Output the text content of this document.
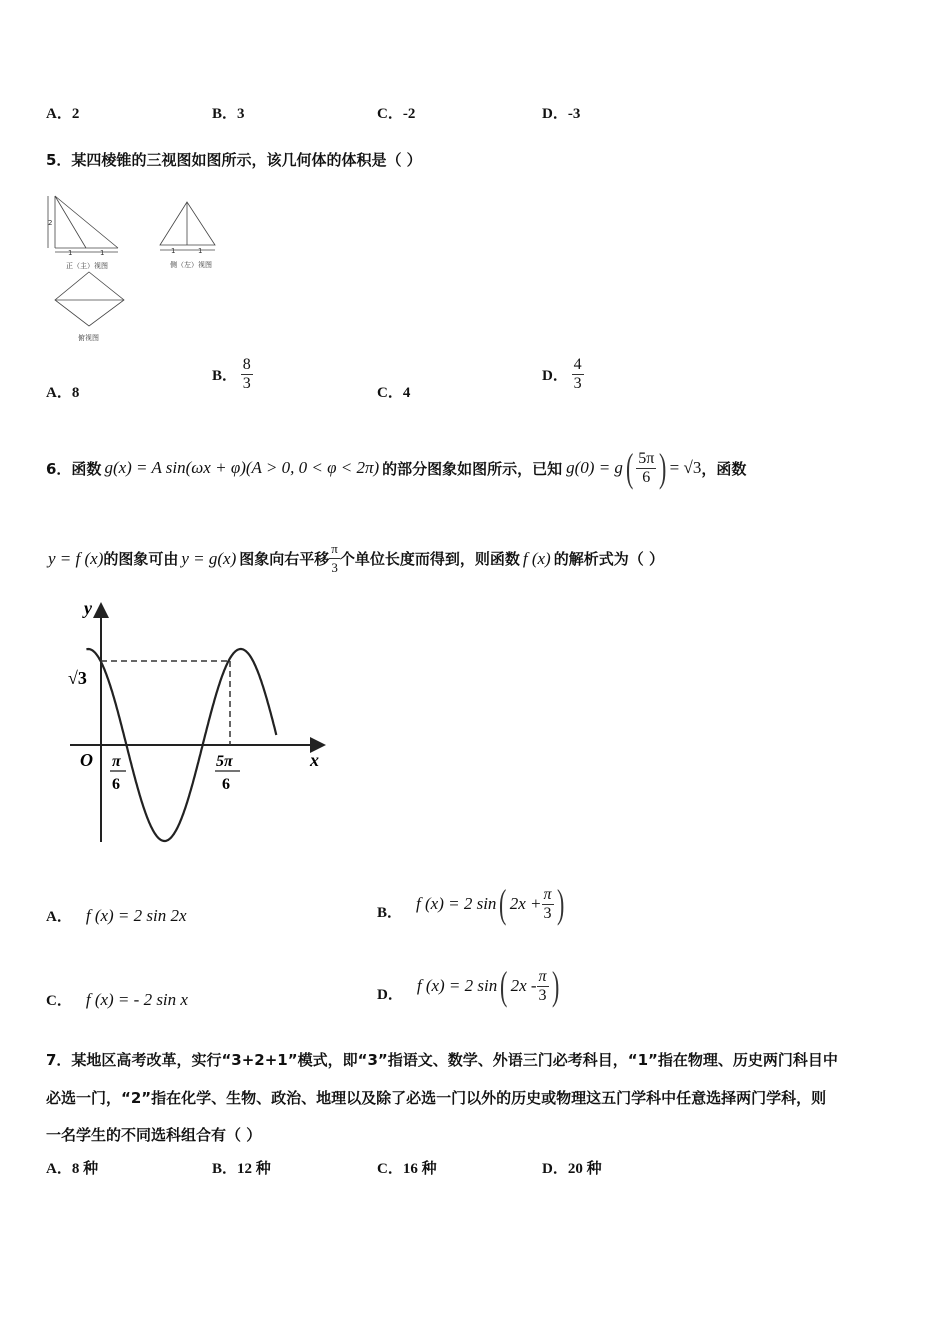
A．2	B．3	C．-2	D．-3
5．某四棱锥的三视图如图所示，该几何体的体积是（ ）
2
1	1
正（主）视图
1	1
侧（左）视图
俯视图
A．8
B． $\frac{8}{3}$	C．4
D． $\frac{4}{3}$
6．函数 g(x) = A sin(ωx + φ)(A > 0, 0 < φ < 2π) 的部分图象如图所示，已知 g(0) = g ( $\frac{5\pi}{6}$ ) = √3 ，函数
y = f (x) 的图象可由 y = g(x) 图象向右平移 $\frac{\pi}{3}$ 个单位长度而得到，则函数 f (x) 的解析式为（ ）
y
x
O
√3
π
6
5π
6
A． f (x) = 2 sin 2x	B． f (x) = 2 sin ( $2x + \frac{\pi}{3}$ )
C． f (x) = - 2 sin x	D． f (x) = 2 sin ( $2x - \frac{\pi}{3}$ )
7．某地区高考改革，实行“3+2+1”模式，即“3”指语文、数学、外语三门必考科目，“1”指在物理、历史两门科目中
必选一门，“2”指在化学、生物、政治、地理以及除了必选一门以外的历史或物理这五门学科中任意选择两门学科，则
一名学生的不同选科组合有（ ）
A．8 种	B．12 种	C．16 种	D．20 种
